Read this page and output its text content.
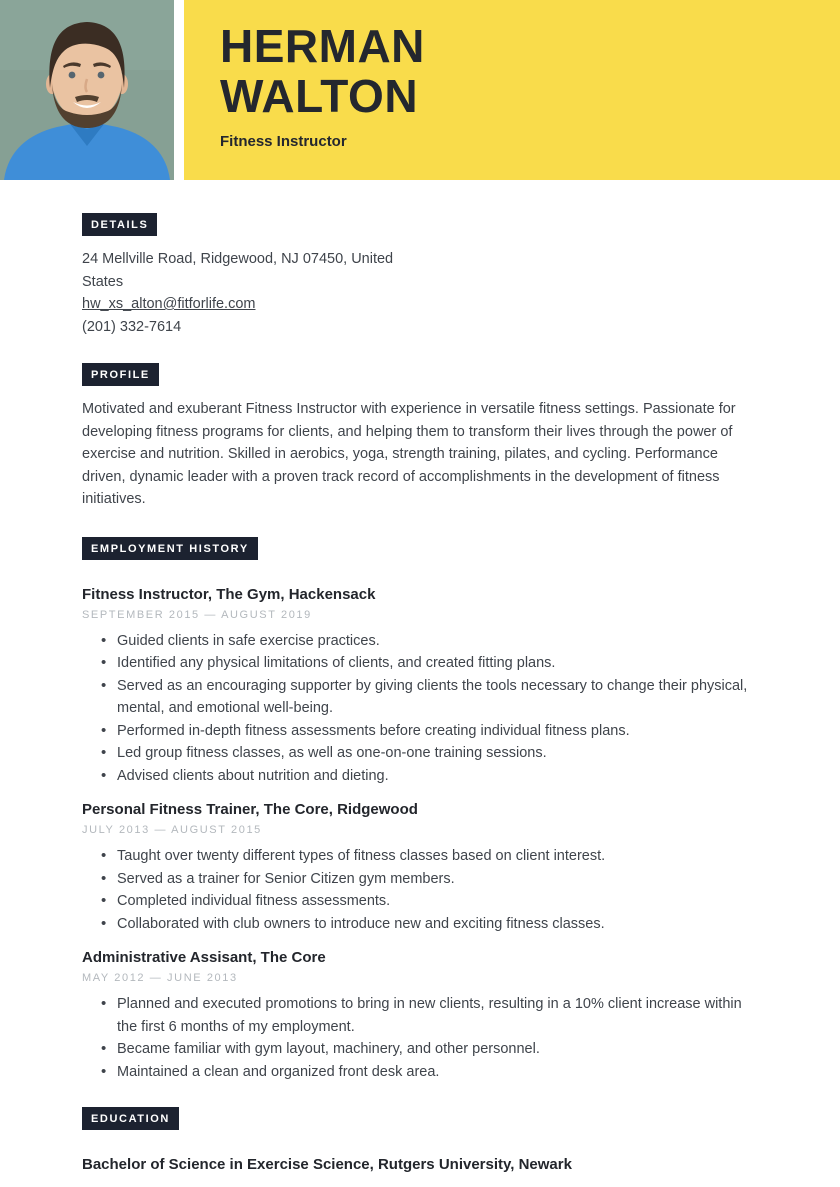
HERMAN
WALTON
Fitness Instructor
DETAILS
24 Mellville Road, Ridgewood, NJ 07450, United
States
hw_xs_alton@fitforlife.com
(201) 332-7614
PROFILE
Motivated and exuberant Fitness Instructor with experience in versatile fitness settings. Passionate for developing fitness programs for clients, and helping them to transform their lives through the power of exercise and nutrition. Skilled in aerobics, yoga, strength training, pilates, and cycling. Performance driven, dynamic leader with a proven track record of accomplishments in the development of fitness initiatives.
EMPLOYMENT HISTORY
Fitness Instructor, The Gym, Hackensack
SEPTEMBER 2015 — AUGUST 2019
• Guided clients in safe exercise practices.
• Identified any physical limitations of clients, and created fitting plans.
• Served as an encouraging supporter by giving clients the tools necessary to change their physical, mental, and emotional well-being.
• Performed in-depth fitness assessments before creating individual fitness plans.
• Led group fitness classes, as well as one-on-one training sessions.
• Advised clients about nutrition and dieting.
Personal Fitness Trainer, The Core, Ridgewood
JULY 2013 — AUGUST 2015
• Taught over twenty different types of fitness classes based on client interest.
• Served as a trainer for Senior Citizen gym members.
• Completed individual fitness assessments.
• Collaborated with club owners to introduce new and exciting fitness classes.
Administrative Assisant, The Core
MAY 2012 — JUNE 2013
• Planned and executed promotions to bring in new clients, resulting in a 10% client increase within the first 6 months of my employment.
• Became familiar with gym layout, machinery, and other personnel.
• Maintained a clean and organized front desk area.
EDUCATION
Bachelor of Science in Exercise Science, Rutgers University, Newark
